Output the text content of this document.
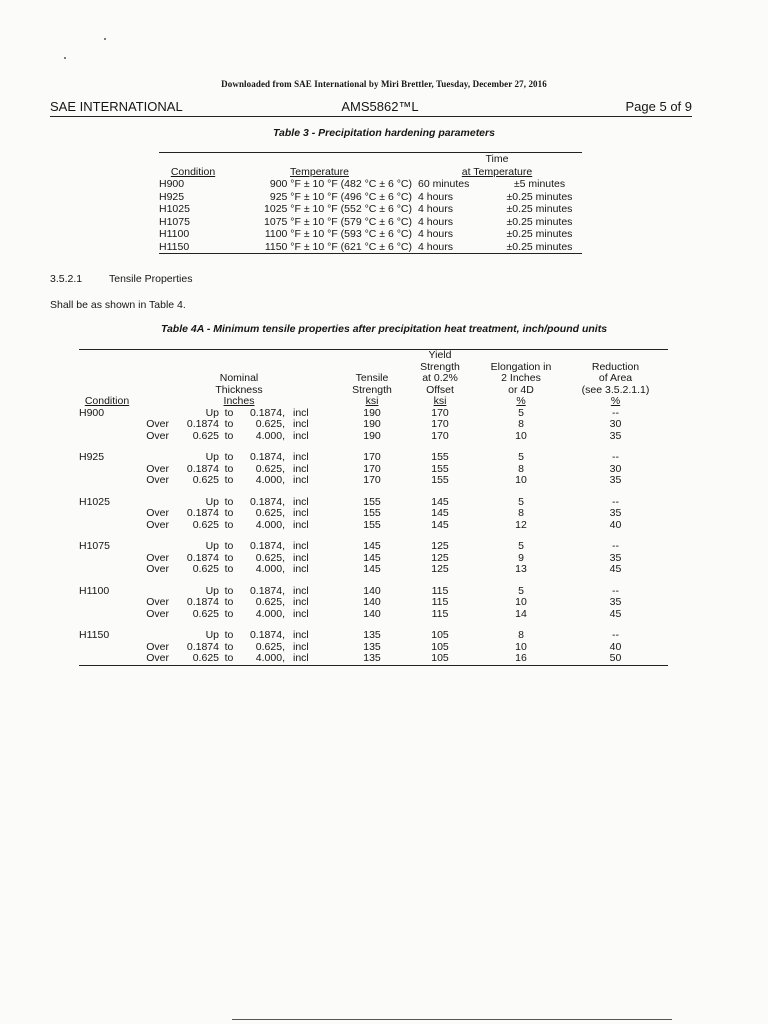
Downloaded from SAE International by Miri Brettler, Tuesday, December 27, 2016
SAE INTERNATIONAL	AMS5862™L	Page 5 of 9
Table 3 - Precipitation hardening parameters
		Time	
Condition	Temperature	at Temperature	
H900	900 °F ± 10 °F (482 °C ± 6 °C)	60 minutes	±5 minutes
H925	925 °F ± 10 °F (496 °C ± 6 °C)	4 hours	±0.25 minutes
H1025	1025 °F ± 10 °F (552 °C ± 6 °C)	4 hours	±0.25 minutes
H1075	1075 °F ± 10 °F (579 °C ± 6 °C)	4 hours	±0.25 minutes
H1100	1100 °F ± 10 °F (593 °C ± 6 °C)	4 hours	±0.25 minutes
H1150	1150 °F ± 10 °F (621 °C ± 6 °C)	4 hours	±0.25 minutes
3.5.2.1	Tensile Properties
Shall be as shown in Table 4.
Table 4A - Minimum tensile properties after precipitation heat treatment, inch/pound units
							Yield		
							Strength	Elongation in	Reduction
	Nominal					Tensile	at 0.2%	2 Inches	of Area
	Thickness					Strength	Offset	or 4D	(see 3.5.2.1.1)
Condition	Inches					ksi	ksi	%	%
H900		Up	to	0.1874,	incl	190	170	5	--
	Over	0.1874	to	0.625,	incl	190	170	8	30
	Over	0.625	to	4.000,	incl	190	170	10	35

H925		Up	to	0.1874,	incl	170	155	5	--
	Over	0.1874	to	0.625,	incl	170	155	8	30
	Over	0.625	to	4.000,	incl	170	155	10	35

H1025		Up	to	0.1874,	incl	155	145	5	--
	Over	0.1874	to	0.625,	incl	155	145	8	35
	Over	0.625	to	4.000,	incl	155	145	12	40

H1075		Up	to	0.1874,	incl	145	125	5	--
	Over	0.1874	to	0.625,	incl	145	125	9	35
	Over	0.625	to	4.000,	incl	145	125	13	45

H1100		Up	to	0.1874,	incl	140	115	5	--
	Over	0.1874	to	0.625,	incl	140	115	10	35
	Over	0.625	to	4.000,	incl	140	115	14	45

H1150		Up	to	0.1874,	incl	135	105	8	--
	Over	0.1874	to	0.625,	incl	135	105	10	40
	Over	0.625	to	4.000,	incl	135	105	16	50
